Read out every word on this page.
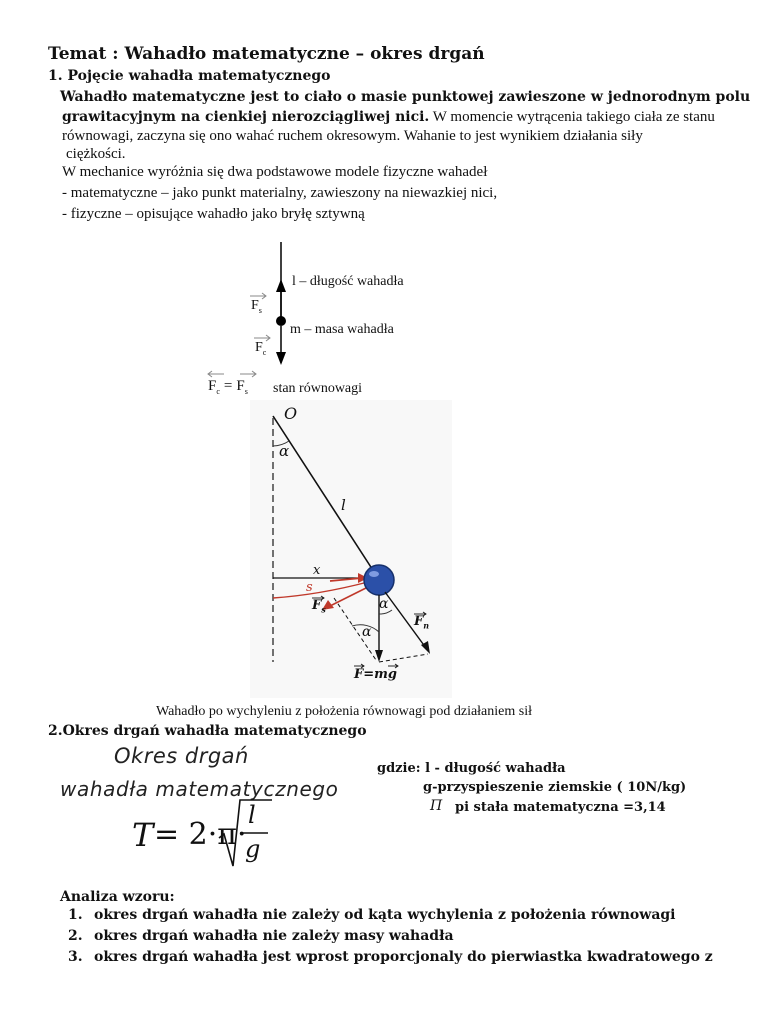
Temat : Wahadło matematyczne – okres drgań
1. Pojęcie wahadła matematycznego
Wahadło matematyczne jest to ciało o masie punktowej zawieszone w jednorodnym polu
grawitacyjnym na cienkiej nierozciągliwej nici. W momencie wytrącenia takiego ciała ze stanu
równowagi, zaczyna się ono wahać ruchem okresowym. Wahanie to jest wynikiem działania siły
ciężkości.
W mechanice wyróżnia się dwa podstawowe modele fizyczne wahadeł
- matematyczne – jako punkt materialny, zawieszony na niewazkiej nici,
- fizyczne – opisujące wahadło jako bryłę sztywną
l – długość wahadła
m – masa wahadła
$F_s$
$F_c$
$F_c = F_s$ stan równowagi
O
α
l
x
s
$F_s$	α
α
$F_n$
F=mg
Wahadło po wychyleniu z położenia równowagi pod działaniem sił
2.Okres drgań wahadła matematycznego
Okres drgań
wahadła matematycznego
T = 2·π·
l
g
gdzie: l - długość wahadła
g-przyspieszenie ziemskie ( 10N/kg)
Π pi stała matematyczna =3,14
Analiza wzoru:
1. okres drgań wahadła nie zależy od kąta wychylenia z położenia równowagi
2. okres drgań wahadła nie zależy masy wahadła
3. okres drgań wahadła jest wprost proporcjonaly do pierwiastka kwadratowego z
